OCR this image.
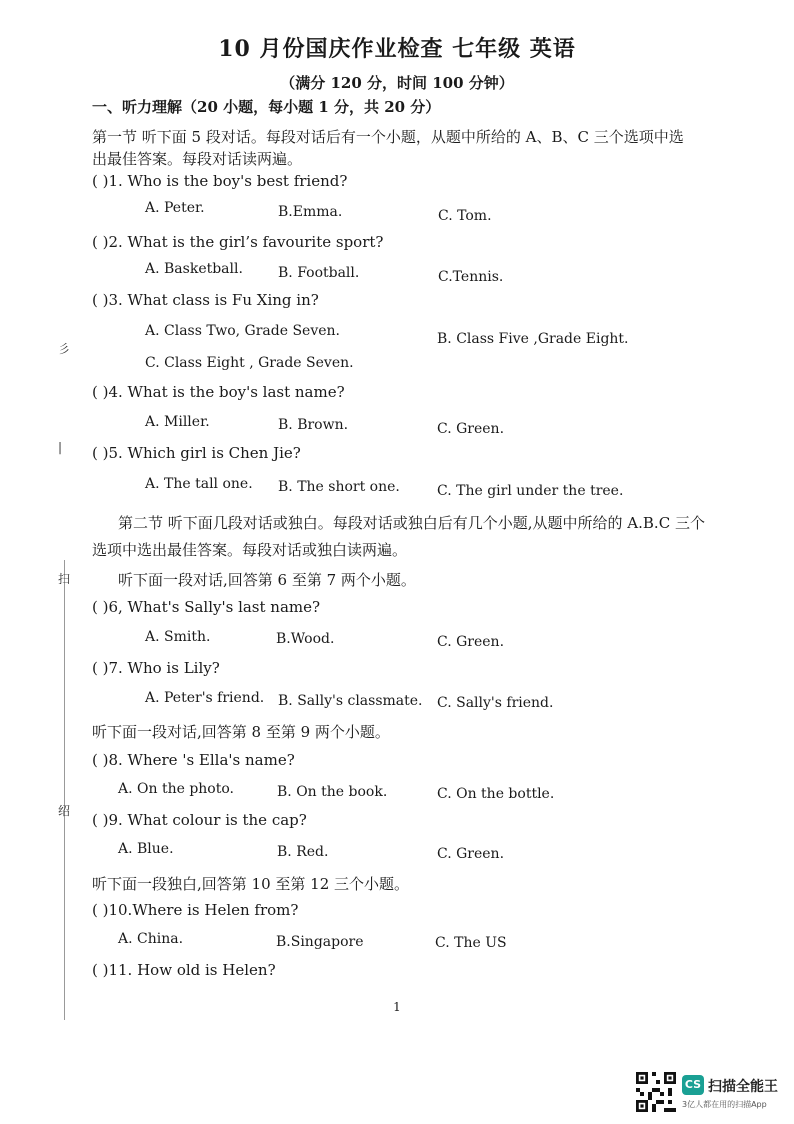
10 月份国庆作业检查 七年级 英语
（满分 120 分，时间 100 分钟）
彡
|
扫
绍
一、听力理解（20 小题，每小题 1 分，共 20 分）
第一节 听下面 5 段对话。每段对话后有一个小题，从题中所给的 A、B、C 三个选项中选
出最佳答案。每段对话读两遍。
( )1. Who is the boy's best friend?
A. Peter.	B.Emma.	C. Tom.
( )2. What is the girl’s favourite sport?
A. Basketball.	B. Football.	C.Tennis.
( )3. What class is Fu Xing in?
A. Class Two, Grade Seven.	B. Class Five ,Grade Eight.
C. Class Eight , Grade Seven.
( )4. What is the boy's last name?
A. Miller.	B. Brown.	C. Green.
( )5. Which girl is Chen Jie?
A. The tall one. B. The short one.	C. The girl under the tree.
第二节 听下面几段对话或独白。每段对话或独白后有几个小题,从题中所给的 A.B.C 三个
选项中选出最佳答案。每段对话或独白读两遍。
听下面一段对话,回答第 6 至第 7 两个小题。
( )6, What's Sally's last name?
A. Smith.	B.Wood.	C. Green.
( )7. Who is Lily?
A. Peter's friend. B. Sally's classmate. C. Sally's friend.
听下面一段对话,回答第 8 至第 9 两个小题。
( )8. Where 's Ella's name?
A. On the photo.	B. On the book.	C. On the bottle.
( )9. What colour is the cap?
A. Blue.	B. Red.	C. Green.
听下面一段独白,回答第 10 至第 12 三个小题。
( )10.Where is Helen from?
A. China.	B.Singapore	C. The US
( )11. How old is Helen?
1
CS 扫描全能王
3亿人都在用的扫描App
